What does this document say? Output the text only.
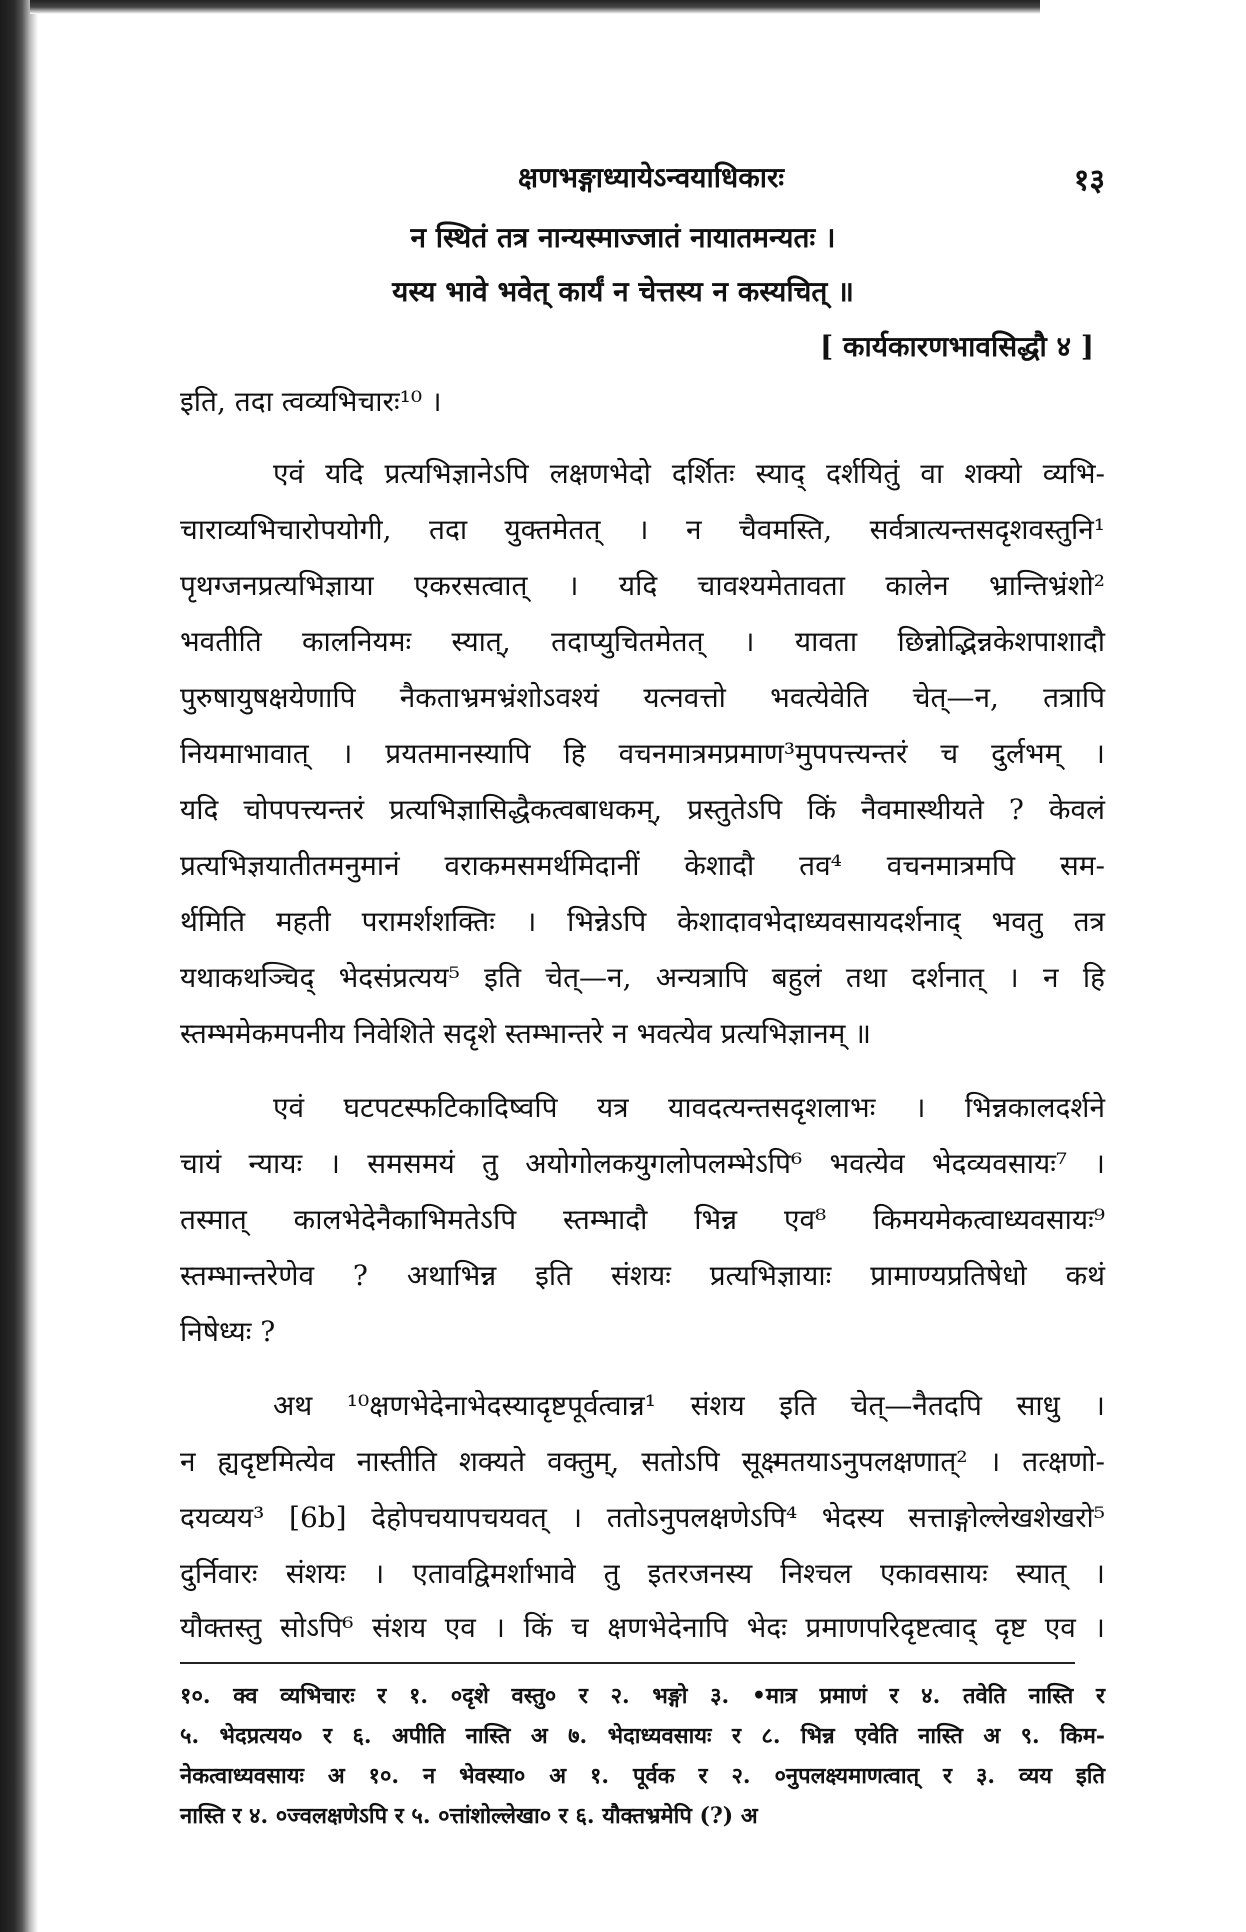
क्षणभङ्गाध्यायेऽन्वयाधिकारः	१३
न स्थितं तत्र नान्यस्माज्जातं नायातमन्यतः ।
यस्य भावे भवेत् कार्यं न चेत्तस्य न कस्यचित् ॥
[ कार्यकारणभावसिद्धौ ४ ]
इति, तदा त्वव्यभिचारः¹⁰ ।
एवं यदि प्रत्यभिज्ञानेऽपि लक्षणभेदो दर्शितः स्याद् दर्शयितुं वा शक्यो व्यभि-
चाराव्यभिचारोपयोगी, तदा युक्तमेतत् । न चैवमस्ति, सर्वत्रात्यन्तसदृशवस्तुनि¹
पृथग्जनप्रत्यभिज्ञाया एकरसत्वात् । यदि चावश्यमेतावता कालेन भ्रान्तिभ्रंशो²
भवतीति कालनियमः स्यात्, तदाप्युचितमेतत् । यावता छिन्नोद्भिन्नकेशपाशादौ
पुरुषायुषक्षयेणापि नैकताभ्रमभ्रंशोऽवश्यं यत्नवत्तो भवत्येवेति चेत्—न, तत्रापि
नियमाभावात् । प्रयतमानस्यापि हि वचनमात्रमप्रमाण³मुपपत्त्यन्तरं च दुर्लभम् ।
यदि चोपपत्त्यन्तरं प्रत्यभिज्ञासिद्धैकत्वबाधकम्, प्रस्तुतेऽपि किं नैवमास्थीयते ? केवलं
प्रत्यभिज्ञयातीतमनुमानं वराकमसमर्थमिदानीं केशादौ तव⁴ वचनमात्रमपि सम-
र्थमिति महती परामर्शशक्तिः । भिन्नेऽपि केशादावभेदाध्यवसायदर्शनाद् भवतु तत्र
यथाकथञ्चिद् भेदसंप्रत्यय⁵ इति चेत्—न, अन्यत्रापि बहुलं तथा दर्शनात् । न हि
स्तम्भमेकमपनीय निवेशिते सदृशे स्तम्भान्तरे न भवत्येव प्रत्यभिज्ञानम् ॥
एवं घटपटस्फटिकादिष्वपि यत्र यावदत्यन्तसदृशलाभः । भिन्नकालदर्शने
चायं न्यायः । समसमयं तु अयोगोलकयुगलोपलम्भेऽपि⁶ भवत्येव भेदव्यवसायः⁷ ।
तस्मात् कालभेदेनैकाभिमतेऽपि स्तम्भादौ भिन्न एव⁸ किमयमेकत्वाध्यवसायः⁹
स्तम्भान्तरेणेव ? अथाभिन्न इति संशयः प्रत्यभिज्ञायाः प्रामाण्यप्रतिषेधो कथं
निषेध्यः ?
अथ ¹⁰क्षणभेदेनाभेदस्यादृष्टपूर्वत्वान्न¹ संशय इति चेत्—नैतदपि साधु ।
न ह्यदृष्टमित्येव नास्तीति शक्यते वक्तुम्, सतोऽपि सूक्ष्मतयाऽनुपलक्षणात्² । तत्क्षणो-
दयव्यय³ [6b] देहोपचयापचयवत् । ततोऽनुपलक्षणेऽपि⁴ भेदस्य सत्ताङ्गोल्लेखशेखरो⁵
दुर्निवारः संशयः । एतावद्विमर्शाभावे तु इतरजनस्य निश्चल एकावसायः स्यात् ।
यौक्तस्तु सोऽपि⁶ संशय एव । किं च क्षणभेदेनापि भेदः प्रमाणपरिदृष्टत्वाद् दृष्ट एव ।
१०. क्व व्यभिचारः र १. ०दृशे वस्तु० र २. भङ्गो ३. •मात्र प्रमाणं र ४. तवेति नास्ति र
५. भेदप्रत्यय० र ६. अपीति नास्ति अ ७. भेदाध्यवसायः र ८. भिन्न एवेति नास्ति अ ९. किम-
नेकत्वाध्यवसायः अ १०. न भेवस्या० अ १. पूर्वक र २. ०नुपलक्ष्यमाणत्वात् र ३. व्यय इति
नास्ति र ४. ०ज्वलक्षणेऽपि र ५. ०त्तांशोल्लेखा० र ६. यौक्तभ्रमेपि (?) अ
